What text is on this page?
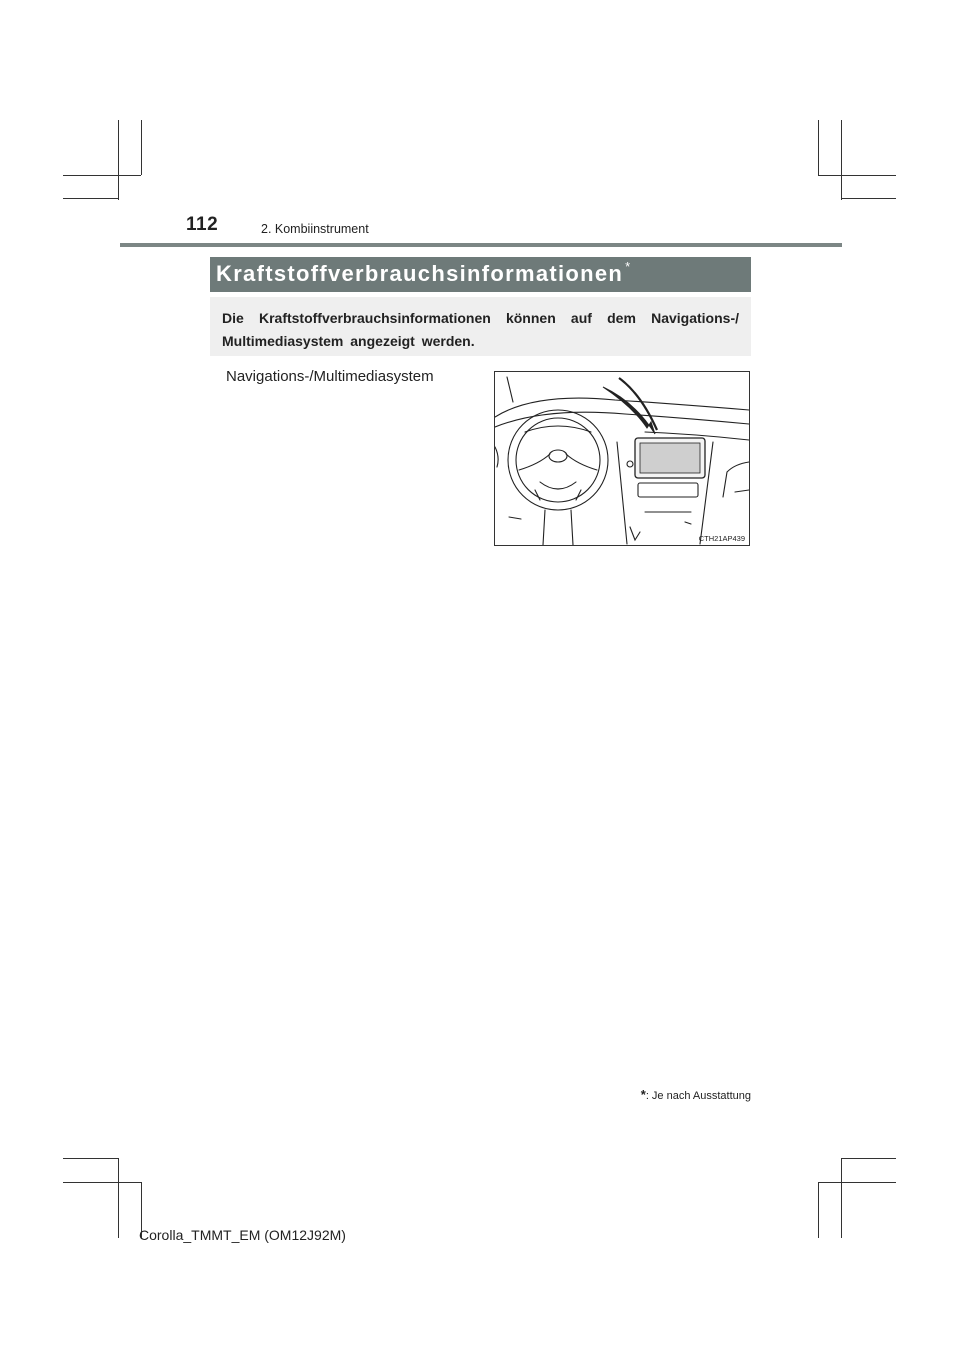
112	2. Kombiinstrument
Kraftstoffverbrauchsinformationen *
Die Kraftstoffverbrauchsinformationen können auf dem Navigations-/ Multimediasystem angezeigt werden.
Navigations-/Multimediasystem
CTH21AP439
*: Je nach Ausstattung
Corolla_TMMT_EM (OM12J92M)
